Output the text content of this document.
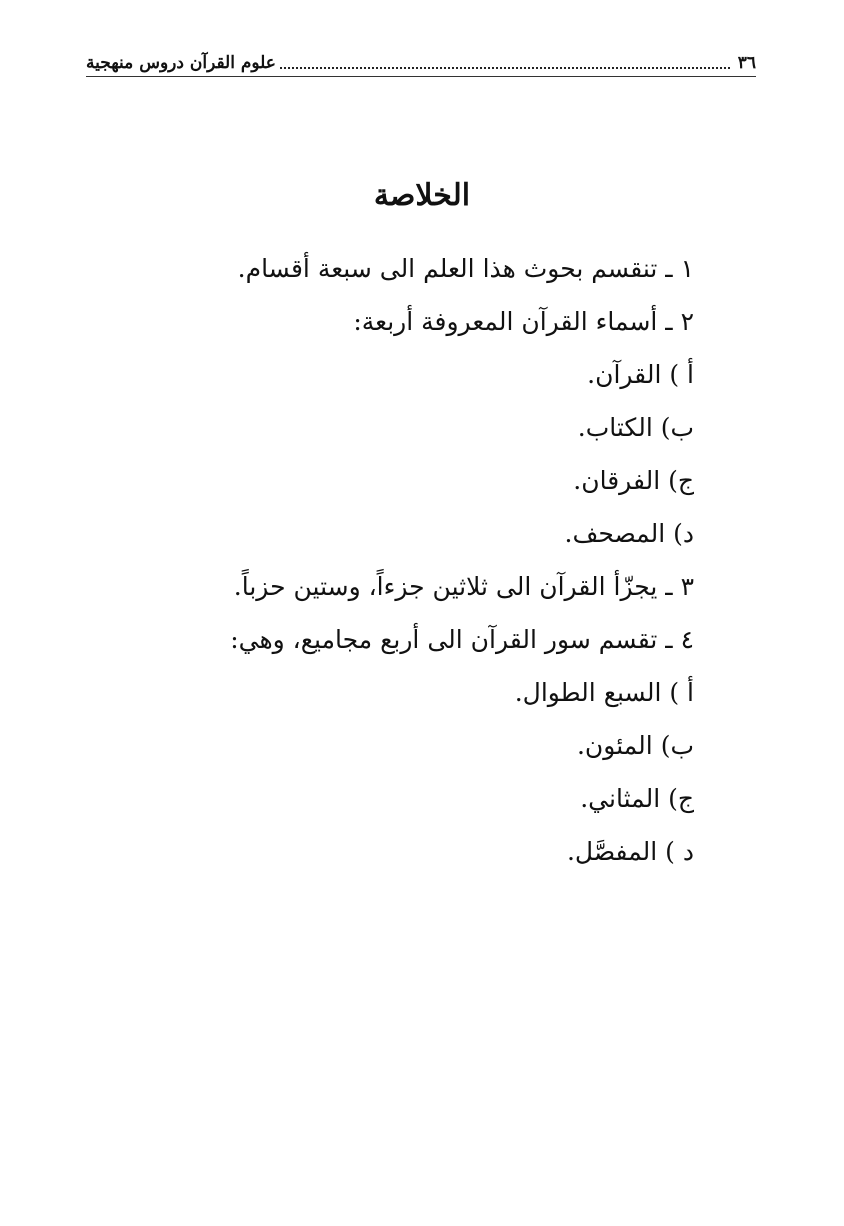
٣٦
علوم القرآن دروس منهجية
الخلاصة
١ ـ تنقسم بحوث هذا العلم الى سبعة أقسام.
٢ ـ أسماء القرآن المعروفة أربعة:
أ ) القرآن.
ب) الكتاب.
ج) الفرقان.
د) المصحف.
٣ ـ يجزّأ القرآن الى ثلاثين جزءاً، وستين حزباً.
٤ ـ تقسم سور القرآن الى أربع مجاميع، وهي:
أ ) السبع الطوال.
ب) المئون.
ج) المثاني.
د ) المفصَّل.
